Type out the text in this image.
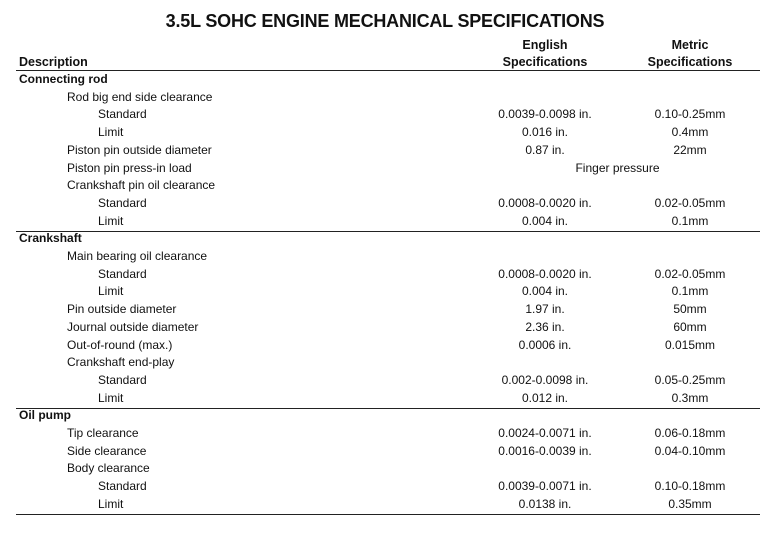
3.5L SOHC ENGINE MECHANICAL SPECIFICATIONS
Description
English
Specifications
Metric
Specifications
Connecting rod
Rod big end side clearance
Standard	0.0039-0.0098 in.	0.10-0.25mm
Limit	0.016 in.	0.4mm
Piston pin outside diameter	0.87 in.	22mm
Piston pin press-in load	Finger pressure
Crankshaft pin oil clearance
Standard	0.0008-0.0020 in.	0.02-0.05mm
Limit	0.004 in.	0.1mm
Crankshaft
Main bearing oil clearance
Standard	0.0008-0.0020 in.	0.02-0.05mm
Limit	0.004 in.	0.1mm
Pin outside diameter	1.97 in.	50mm
Journal outside diameter	2.36 in.	60mm
Out-of-round (max.)	0.0006 in.	0.015mm
Crankshaft end-play
Standard	0.002-0.0098 in.	0.05-0.25mm
Limit	0.012 in.	0.3mm
Oil pump
Tip clearance	0.0024-0.0071 in.	0.06-0.18mm
Side clearance	0.0016-0.0039 in.	0.04-0.10mm
Body clearance
Standard	0.0039-0.0071 in.	0.10-0.18mm
Limit	0.0138 in.	0.35mm
